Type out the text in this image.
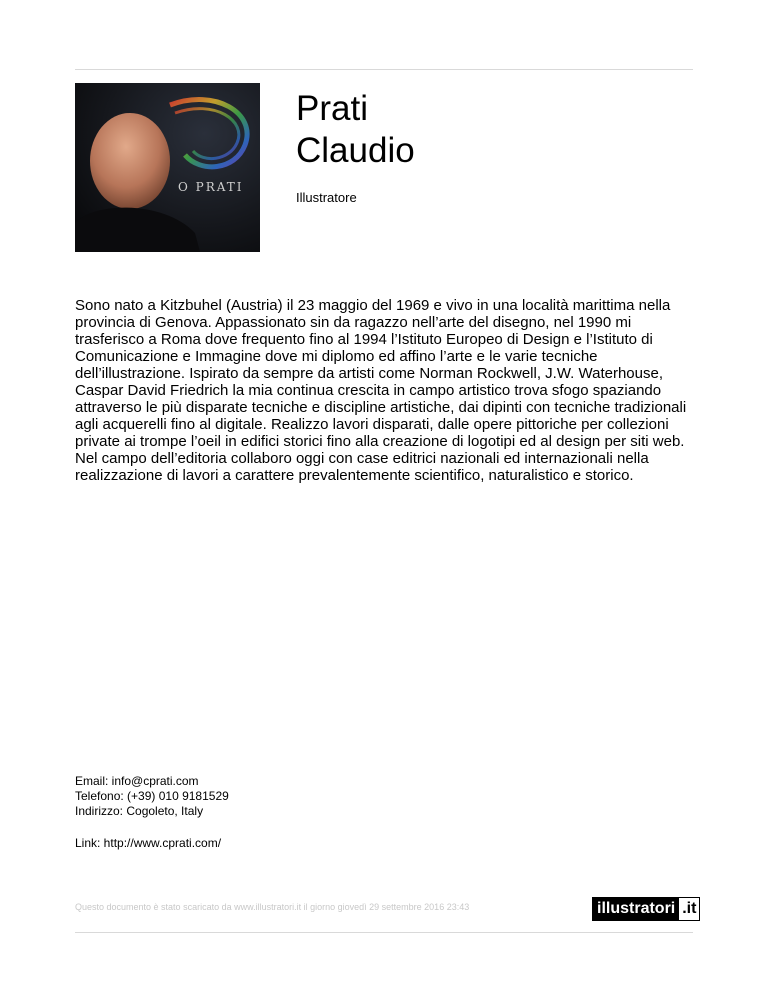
O PRATI
Prati
Claudio
Illustratore

Sono nato a Kitzbuhel (Austria) il 23 maggio del 1969 e vivo in una località marittima nella provincia di Genova. Appassionato sin da ragazzo nell’arte del disegno, nel 1990 mi trasferisco a Roma dove frequento fino al 1994 l’Istituto Europeo di Design e l’Istituto di Comunicazione e Immagine dove mi diplomo ed affino l’arte e le varie tecniche dell’illustrazione. Ispirato da sempre da artisti come Norman Rockwell, J.W. Waterhouse, Caspar David Friedrich la mia continua crescita in campo artistico trova sfogo spaziando attraverso le più disparate tecniche e discipline artistiche, dai dipinti con tecniche tradizionali agli acquerelli fino al digitale. Realizzo lavori disparati, dalle opere pittoriche per collezioni private ai trompe l’oeil in edifici storici fino alla creazione di logotipi ed al design per siti web. Nel campo dell’editoria collaboro oggi con case editrici nazionali ed internazionali nella realizzazione di lavori a carattere prevalentemente scientifico, naturalistico e storico.

Email: info@cprati.com
Telefono: (+39) 010 9181529
Indirizzo: Cogoleto, Italy
Link: http://www.cprati.com/
Questo documento è stato scaricato da www.illustratori.it il giorno giovedì 29 settembre 2016 23:43	illustratori .it
